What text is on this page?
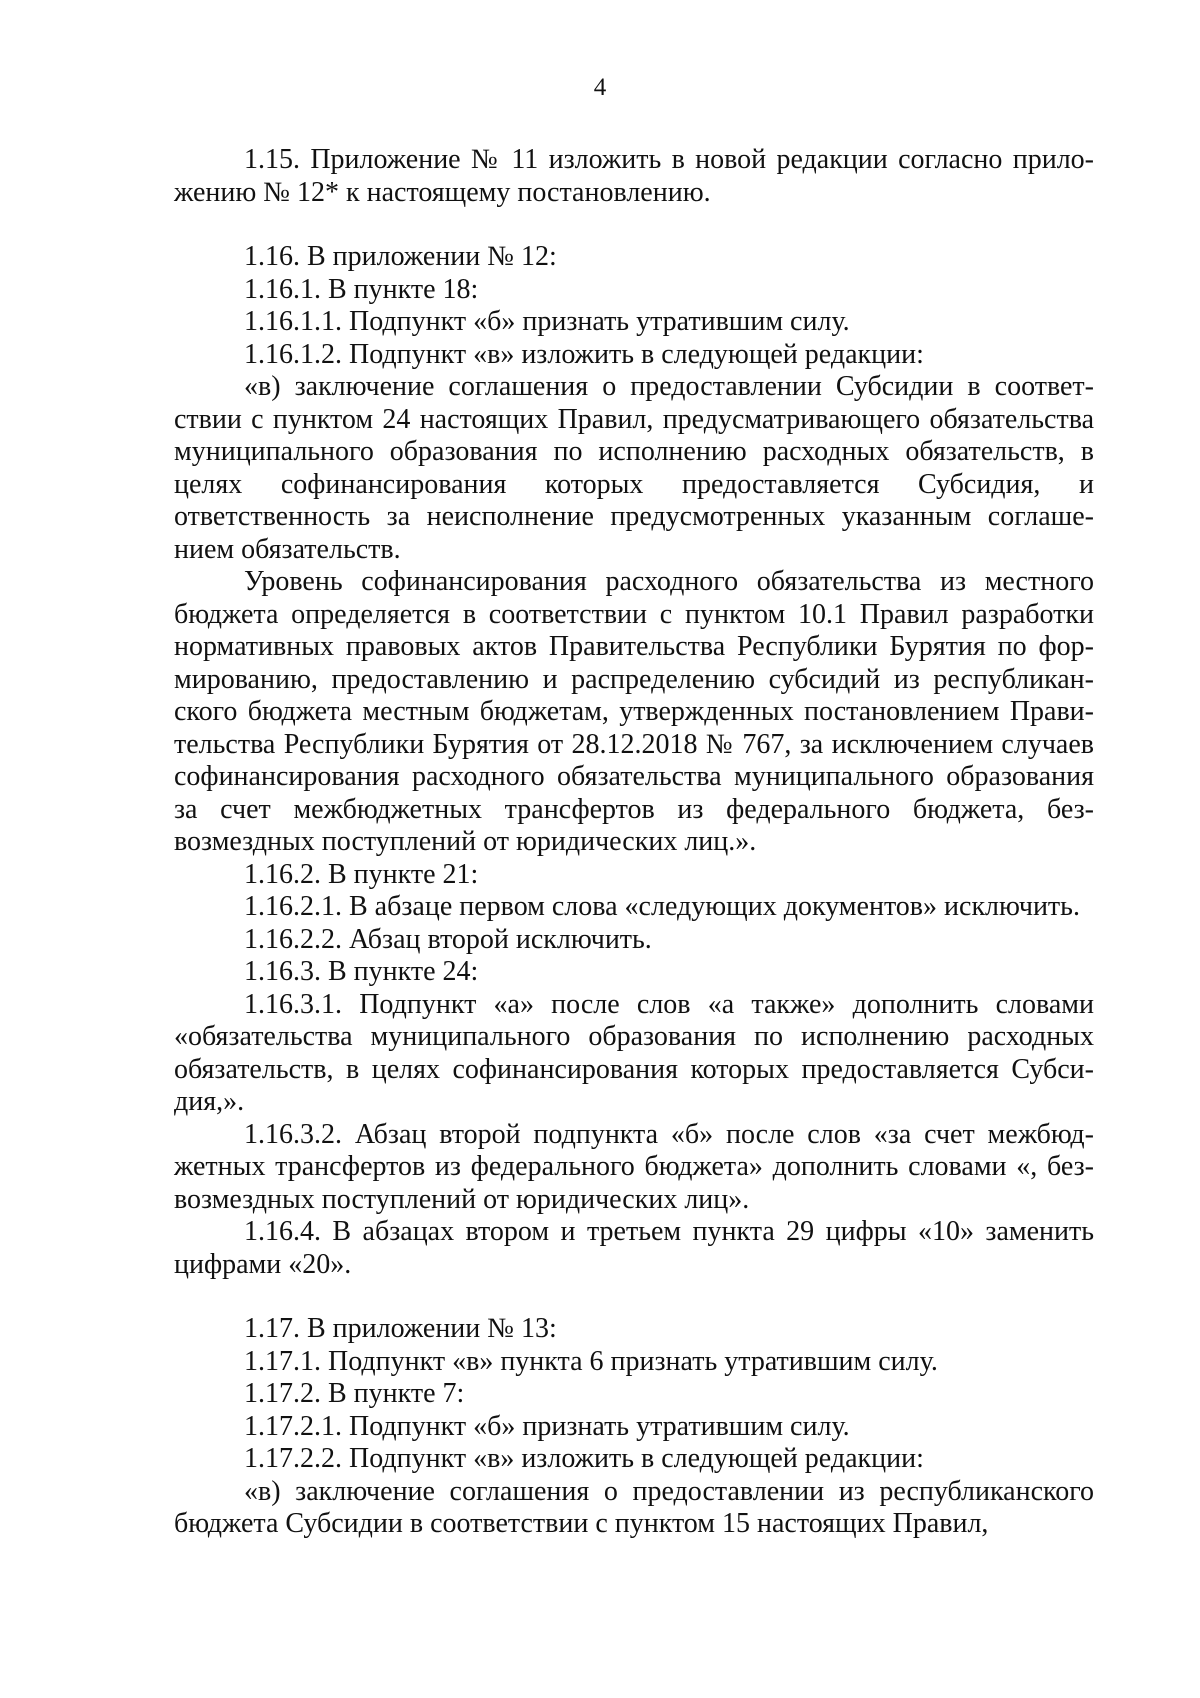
4

1.15. Приложение № 11 изложить в новой редакции согласно приложению № 12* к настоящему постановлению.

1.16. В приложении № 12:

1.16.1. В пункте 18:

1.16.1.1. Подпункт «б» признать утратившим силу.

1.16.1.2. Подпункт «в» изложить в следующей редакции:

«в) заключение соглашения о предоставлении Субсидии в соответствии с пунктом 24 настоящих Правил, предусматривающего обязательства муниципального образования по исполнению расходных обязательств, в целях софинансирования которых предоставляется Субсидия, и ответственность за неисполнение предусмотренных указанным соглашением обязательств.

Уровень софинансирования расходного обязательства из местного бюджета определяется в соответствии с пунктом 10.1 Правил разработки нормативных правовых актов Правительства Республики Бурятия по формированию, предоставлению и распределению субсидий из республиканского бюджета местным бюджетам, утвержденных постановлением Правительства Республики Бурятия от 28.12.2018 № 767, за исключением случаев софинансирования расходного обязательства муниципального образования за счет межбюджетных трансфертов из федерального бюджета, безвозмездных поступлений от юридических лиц.».

1.16.2. В пункте 21:

1.16.2.1. В абзаце первом слова «следующих документов» исключить.

1.16.2.2. Абзац второй исключить.

1.16.3. В пункте 24:

1.16.3.1. Подпункт «а» после слов «а также» дополнить словами «обязательства муниципального образования по исполнению расходных обязательств, в целях софинансирования которых предоставляется Субсидия,».

1.16.3.2. Абзац второй подпункта «б» после слов «за счет межбюджетных трансфертов из федерального бюджета» дополнить словами «, безвозмездных поступлений от юридических лиц».

1.16.4. В абзацах втором и третьем пункта 29 цифры «10» заменить цифрами «20».

1.17. В приложении № 13:

1.17.1. Подпункт «в» пункта 6 признать утратившим силу.

1.17.2. В пункте 7:

1.17.2.1. Подпункт «б» признать утратившим силу.

1.17.2.2. Подпункт «в» изложить в следующей редакции:

«в) заключение соглашения о предоставлении из республиканского бюджета Субсидии в соответствии с пунктом 15 настоящих Правил,
